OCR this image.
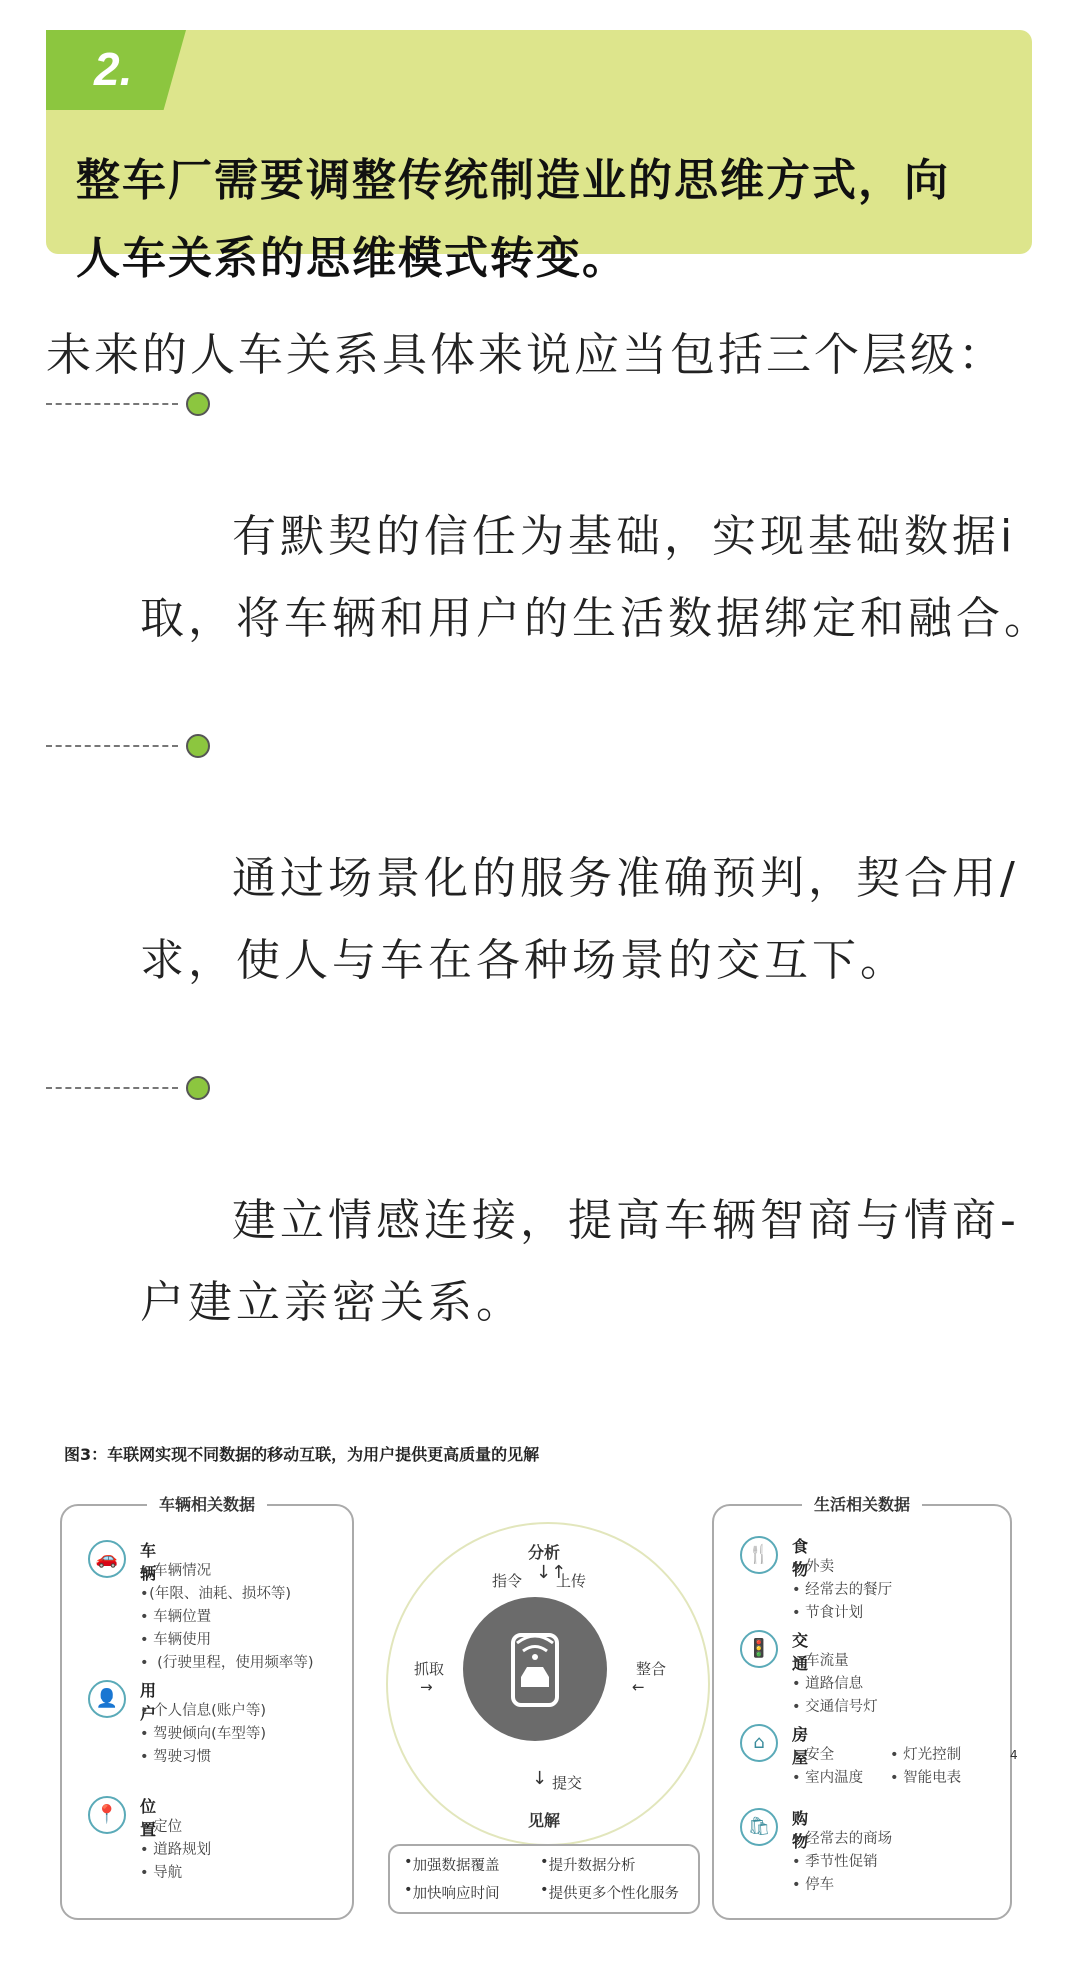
2.

整车厂需要调整传统制造业的思维方式，向
人车关系的思维模式转变。

未来的人车关系具体来说应当包括三个层级：

有默契的信任为基础，实现基础数据i
取，将车辆和用户的生活数据绑定和融合。

通过场景化的服务准确预判，契合用/
求，使人与车在各种场景的交互下。

建立情感连接，提高车辆智商与情商-
户建立亲密关系。

图3：车联网实现不同数据的移动互联，为用户提供更高质量的见解
车辆相关数据
🚗	车辆
• 车辆情况
• (年限、油耗、损坏等)
• 车辆位置
• 车辆使用
• (行驶里程，使用频率等)
👤	用户
• 个人信息(账户等)
• 驾驶倾向(车型等)
• 驾驶习惯
📍	位置
• 定位
• 道路规划
• 导航
分析
指令 上传
↓↑
抓取
→
整合
←
↓ 提交
见解
• 加强数据覆盖	• 提升数据分析
• 加快响应时间	• 提供更多个性化服务
生活相关数据
🍴	食物
• 外卖
• 经常去的餐厅
• 节食计划
🚦	交通
• 车流量
• 道路信息
• 交通信号灯
⌂	房屋
• 安全
• 室内温度
• 灯光控制
• 智能电表
🛍	购物
• 经常去的商场
• 季节性促销
• 停车
4
